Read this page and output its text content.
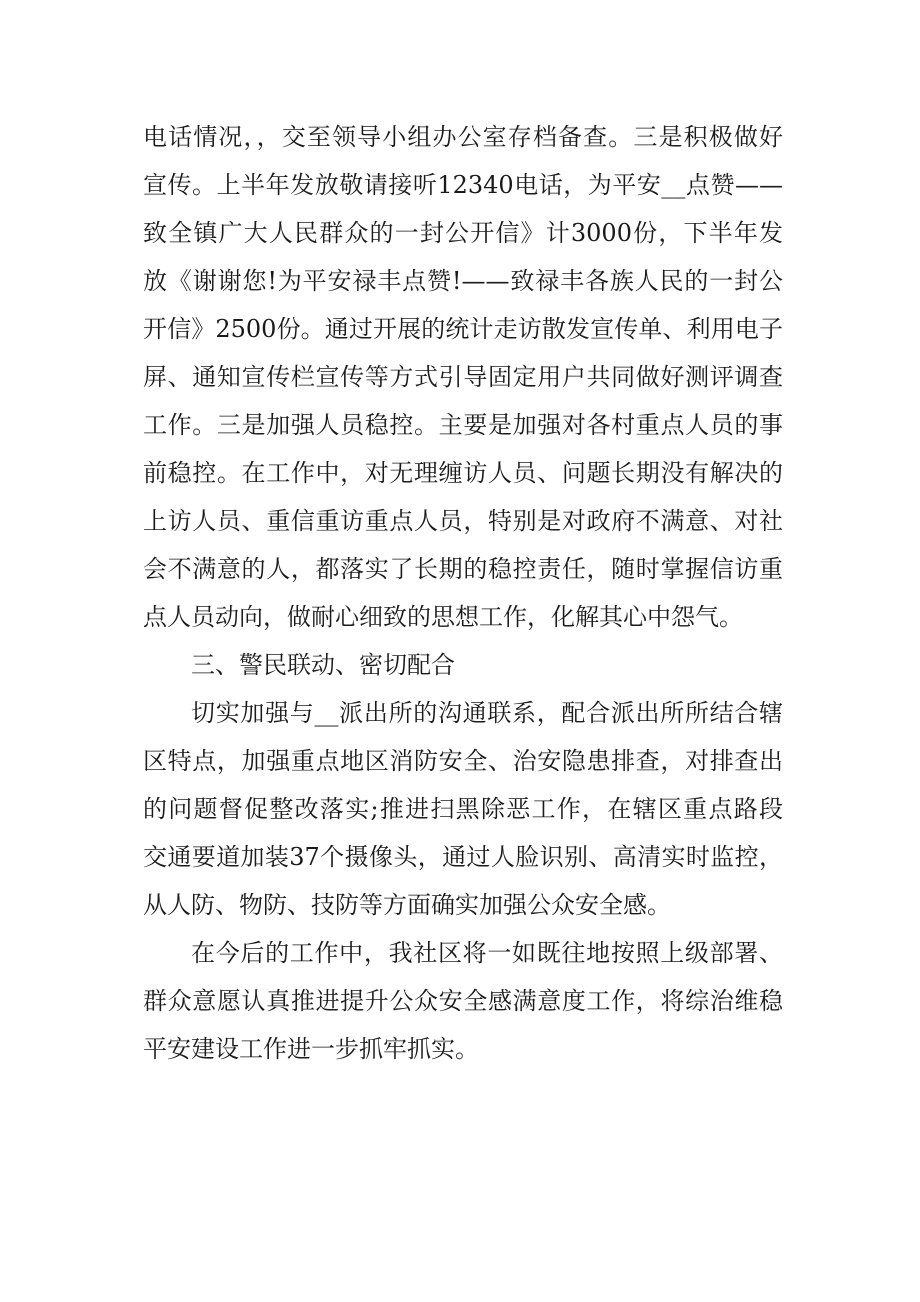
电话情况，，交至领导小组办公室存档备查。三是积极做好
宣传。上半年发放敬请接听12340电话，为平安__点赞——
致全镇广大人民群众的一封公开信》计3000份，下半年发
放《谢谢您!为平安禄丰点赞!——致禄丰各族人民的一封公
开信》2500份。通过开展的统计走访散发宣传单、利用电子
屏、通知宣传栏宣传等方式引导固定用户共同做好测评调查
工作。三是加强人员稳控。主要是加强对各村重点人员的事
前稳控。在工作中，对无理缠访人员、问题长期没有解决的
上访人员、重信重访重点人员，特别是对政府不满意、对社
会不满意的人，都落实了长期的稳控责任，随时掌握信访重
点人员动向，做耐心细致的思想工作，化解其心中怨气。
三、警民联动、密切配合
切实加强与__派出所的沟通联系，配合派出所所结合辖
区特点，加强重点地区消防安全、治安隐患排查，对排查出
的问题督促整改落实;推进扫黑除恶工作，在辖区重点路段
交通要道加装37个摄像头，通过人脸识别、高清实时监控，
从人防、物防、技防等方面确实加强公众安全感。
在今后的工作中，我社区将一如既往地按照上级部署、
群众意愿认真推进提升公众安全感满意度工作，将综治维稳
平安建设工作进一步抓牢抓实。
